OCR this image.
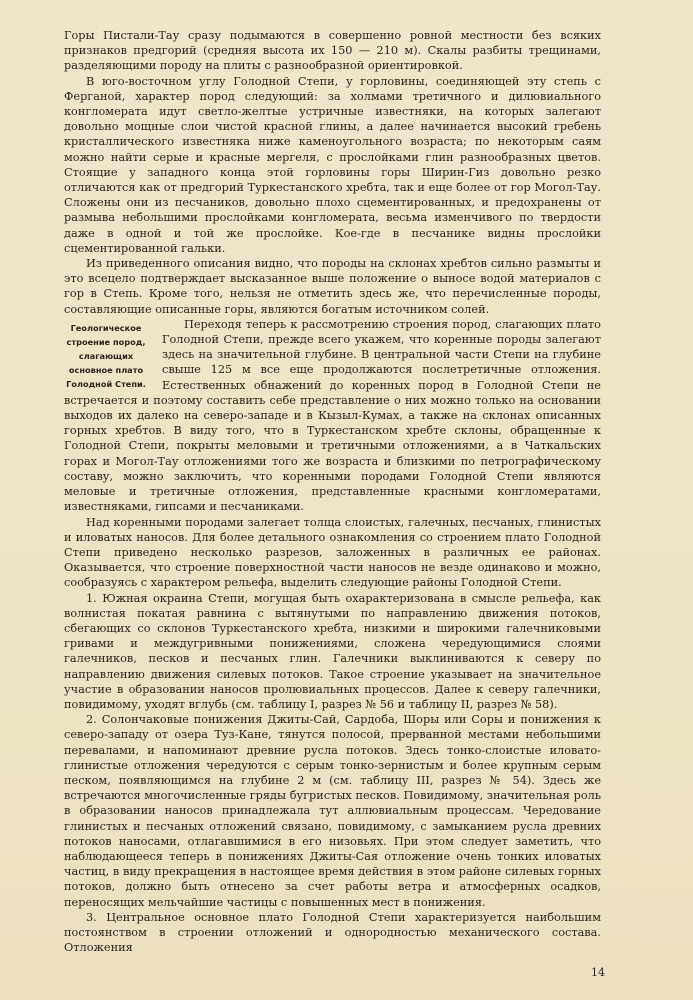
Горы Пистали-Тау сразу подымаются в совершенно ровной местности без всяких признаков предгорий (средняя высота их 150 — 210 м). Скалы разбиты трещинами, разделяющими породу на плиты с разнообразной ориентировкой.

В юго-восточном углу Голодной Степи, у горловины, соединяющей эту степь с Ферганой, характер пород следующий: за холмами третичного и дилювиального конгломерата идут светло-желтые устричные известняки, на которых залегают довольно мощные слои чистой красной глины, а далее начинается высокий гребень кристаллического известняка ниже каменоугольного возраста; по некоторым саям можно найти серые и красные мергеля, с прослойками глин разнообразных цветов. Стоящие у западного конца этой горловины горы Ширин-Гиз довольно резко отличаются как от предгорий Туркестанского хребта, так и еще более от гор Могол-Тау. Сложены они из песчаников, довольно плохо сцементированных, и предохранены от размыва небольшими прослойками конгломерата, весьма изменчивого по твердости даже в одной и той же прослойке. Кое-где в песчанике видны прослойки сцементированной гальки.

Из приведенного описания видно, что породы на склонах хребтов сильно размыты и это всецело подтверждает высказанное выше положение о выносе водой материалов с гор в Степь. Кроме того, нельзя не отметить здесь же, что перечисленные породы, составляющие описанные горы, являются богатым источником солей.

Геологическое строение пород, слагающих основное плато Голодной Степи.

Переходя теперь к рассмотрению строения пород, слагающих плато Голодной Степи, прежде всего укажем, что коренные породы залегают здесь на значительной глубине. В центральной части Степи на глубине свыше 125 м все еще продолжаются послетретичные отложения. Естественных обнажений до коренных пород в Голодной Степи не встречается и поэтому составить себе представление о них можно только на основании выходов их далеко на северо-западе и в Кызыл-Кумах, а также на склонах описанных горных хребтов. В виду того, что в Туркестанском хребте склоны, обращенные к Голодной Степи, покрыты меловыми и третичными отложениями, а в Чаткальских горах и Могол-Тау отложениями того же возраста и близкими по петрографическому составу, можно заключить, что коренными породами Голодной Степи являются меловые и третичные отложения, представленные красными конгломератами, известняками, гипсами и песчаниками.

Над коренными породами залегает толща слоистых, галечных, песчаных, глинистых и иловатых наносов. Для более детального ознакомления со строением плато Голодной Степи приведено несколько разрезов, заложенных в различных ее районах. Оказывается, что строение поверхностной части наносов не везде одинаково и можно, сообразуясь с характером рельефа, выделить следующие районы Голодной Степи.

1. Южная окраина Степи, могущая быть охарактеризована в смысле рельефа, как волнистая покатая равнина с вытянутыми по направлению движения потоков, сбегающих со склонов Туркестанского хребта, низкими и широкими галечниковыми гривами и междугривными понижениями, сложена чередующимися слоями галечников, песков и песчаных глин. Галечники выклиниваются к северу по направлению движения силевых потоков. Такое строение указывает на значительное участие в образовании наносов пролювиальных процессов. Далее к северу галечники, повидимому, уходят вглубь (см. таблицу I, разрез № 56 и таблицу II, разрез № 58).

2. Солончаковые понижения Джиты-Сай, Сардоба, Шоры или Соры и понижения к северо-западу от озера Туз-Кане, тянутся полосой, прерванной местами небольшими перевалами, и напоминают древние русла потоков. Здесь тонко-слоистые иловато-глинистые отложения чередуются с серым тонко-зернистым и более крупным серым песком, появляющимся на глубине 2 м (см. таблицу III, разрез № 54). Здесь же встречаются многочисленные гряды бугристых песков. Повидимому, значительная роль в образовании наносов принадлежала тут аллювиальным процессам. Чередование глинистых и песчаных отложений связано, повидимому, с замыканием русла древних потоков наносами, отлагавшимися в его низовьях. При этом следует заметить, что наблюдающееся теперь в понижениях Джиты-Сая отложение очень тонких иловатых частиц, в виду прекращения в настоящее время действия в этом районе силевых горных потоков, должно быть отнесено за счет работы ветра и атмосферных осадков, переносящих мельчайшие частицы с повышенных мест в понижения.

3. Центральное основное плато Голодной Степи характеризуется наибольшим постоянством в строении отложений и однородностью механического состава. Отложения

14
